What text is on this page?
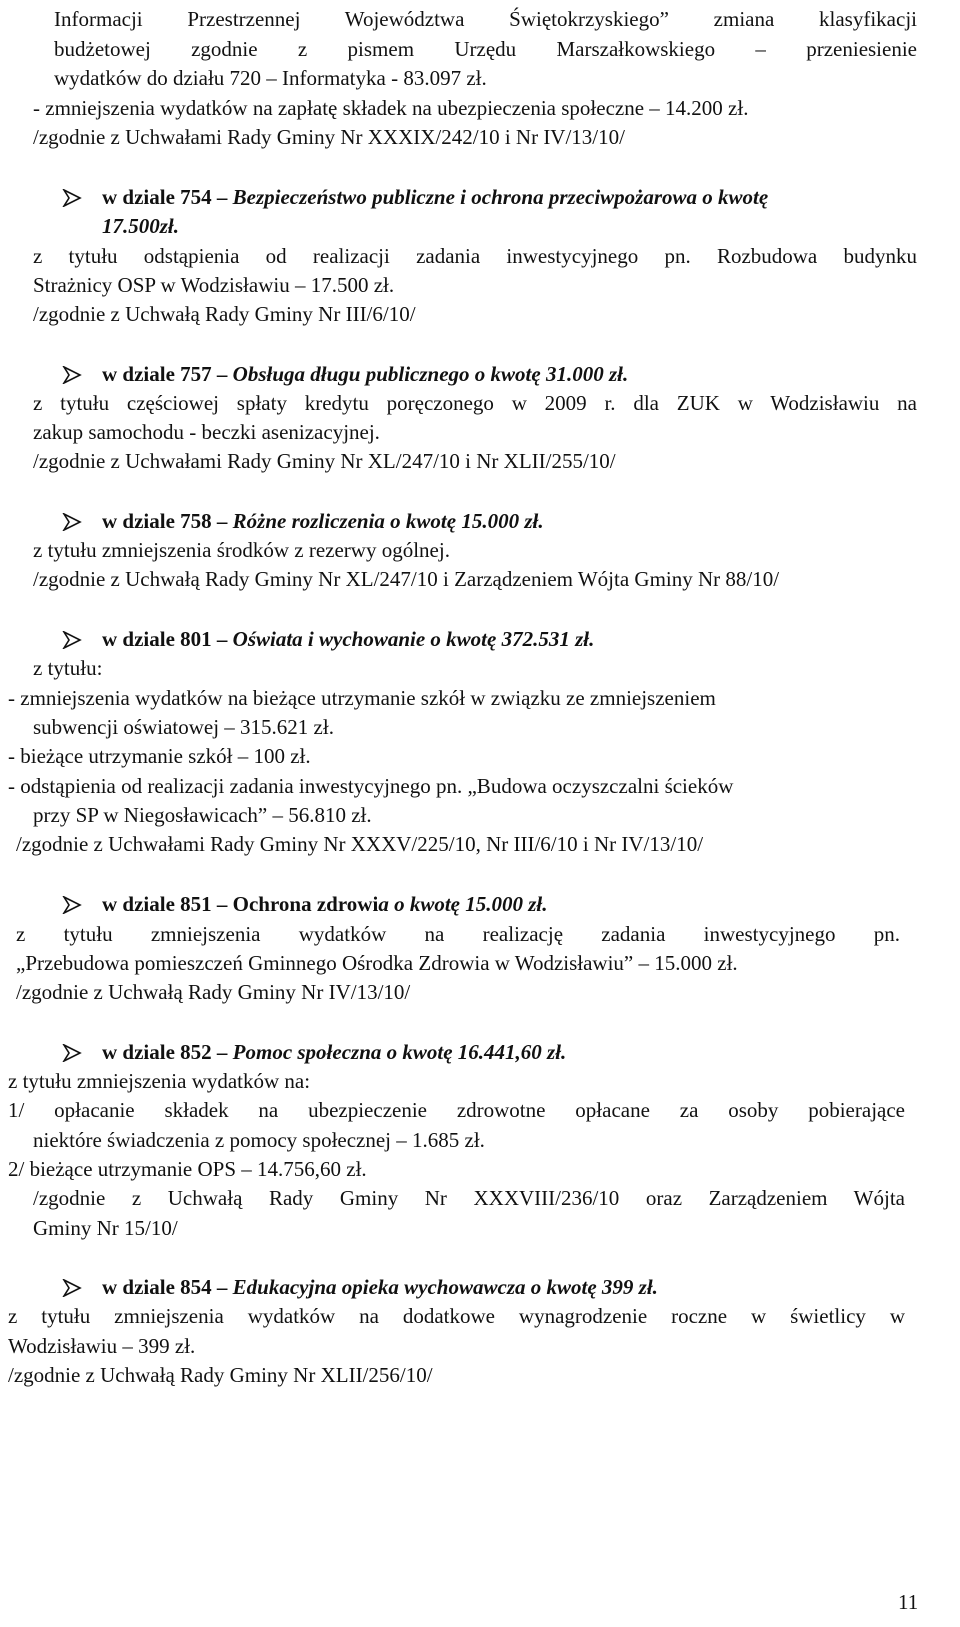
Informacji Przestrzennej Województwa Świętokrzyskiego” zmiana klasyfikacji
budżetowej zgodnie z pismem Urzędu Marszałkowskiego – przeniesienie
wydatków do działu 720 – Informatyka - 83.097 zł.
- zmniejszenia wydatków na zapłatę składek na ubezpieczenia społeczne – 14.200 zł.
/zgodnie z Uchwałami Rady Gminy Nr XXXIX/242/10 i Nr IV/13/10/
w dziale 754 – Bezpieczeństwo publiczne i ochrona przeciwpożarowa o kwotę
17.500zł.
z tytułu odstąpienia od realizacji zadania inwestycyjnego pn. Rozbudowa budynku
Strażnicy OSP w Wodzisławiu – 17.500 zł.
/zgodnie z Uchwałą Rady Gminy Nr III/6/10/
w dziale 757 – Obsługa długu publicznego o kwotę 31.000 zł.
z tytułu częściowej spłaty kredytu poręczonego w 2009 r. dla ZUK w Wodzisławiu na
zakup samochodu - beczki asenizacyjnej.
/zgodnie z Uchwałami Rady Gminy Nr XL/247/10 i Nr XLII/255/10/
w dziale 758 – Różne rozliczenia o kwotę 15.000 zł.
z tytułu zmniejszenia środków z rezerwy ogólnej.
/zgodnie z Uchwałą Rady Gminy Nr XL/247/10 i Zarządzeniem Wójta Gminy Nr 88/10/
w dziale 801 – Oświata i wychowanie o kwotę 372.531 zł.
z tytułu:
- zmniejszenia wydatków na bieżące utrzymanie szkół w związku ze zmniejszeniem
subwencji oświatowej – 315.621 zł.
- bieżące utrzymanie szkół – 100 zł.
- odstąpienia od realizacji zadania inwestycyjnego pn. „Budowa oczyszczalni ścieków
przy SP w Niegosławicach” – 56.810 zł.
/zgodnie z Uchwałami Rady Gminy Nr XXXV/225/10, Nr III/6/10 i Nr IV/13/10/
w dziale 851 – Ochrona zdrowia o kwotę 15.000 zł.
z tytułu zmniejszenia wydatków na realizację zadania inwestycyjnego pn.
„Przebudowa pomieszczeń Gminnego Ośrodka Zdrowia w Wodzisławiu” – 15.000 zł.
/zgodnie z Uchwałą Rady Gminy Nr IV/13/10/
w dziale 852 – Pomoc społeczna o kwotę 16.441,60 zł.
z tytułu zmniejszenia wydatków na:
1/ opłacanie składek na ubezpieczenie zdrowotne opłacane za osoby pobierające
niektóre świadczenia z pomocy społecznej – 1.685 zł.
2/ bieżące utrzymanie OPS – 14.756,60 zł.
/zgodnie z Uchwałą Rady Gminy Nr XXXVIII/236/10 oraz Zarządzeniem Wójta
Gminy Nr 15/10/
w dziale 854 – Edukacyjna opieka wychowawcza o kwotę 399 zł.
z tytułu zmniejszenia wydatków na dodatkowe wynagrodzenie roczne w świetlicy w
Wodzisławiu – 399 zł.
/zgodnie z Uchwałą Rady Gminy Nr XLII/256/10/
11
